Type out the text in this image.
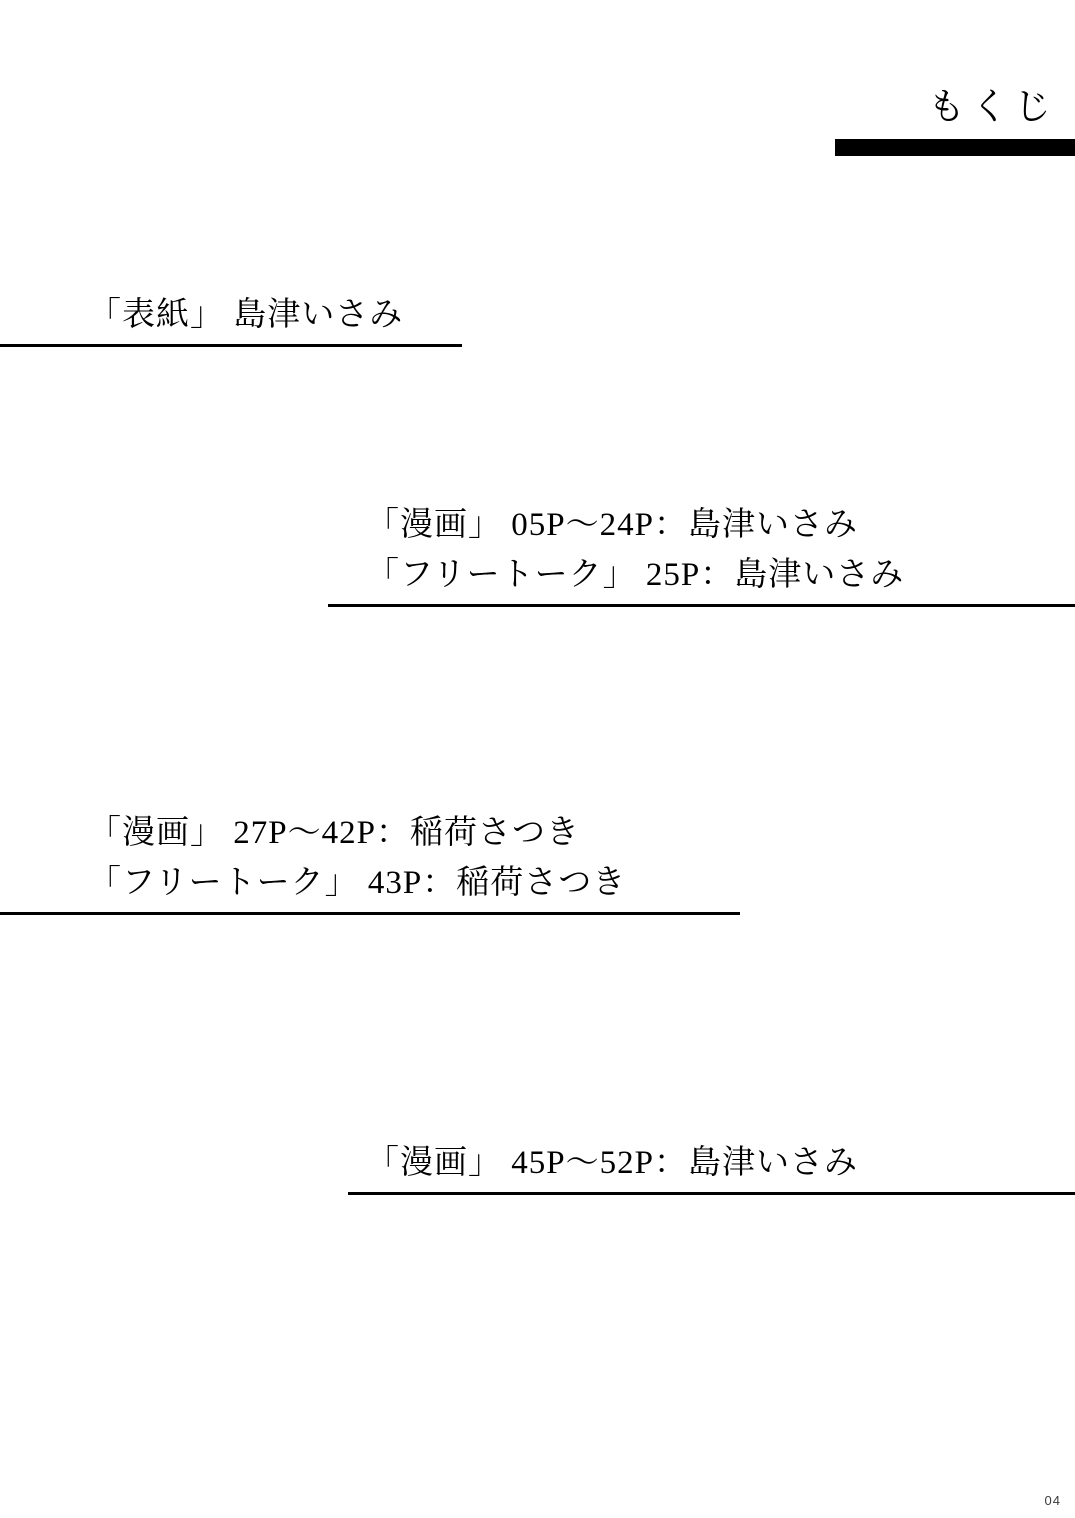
もくじ
「表紙」 島津いさみ
「漫画」 05P〜24P：島津いさみ
「フリートーク」 25P：島津いさみ
「漫画」 27P〜42P：稲荷さつき
「フリートーク」 43P：稲荷さつき
「漫画」 45P〜52P：島津いさみ
04
